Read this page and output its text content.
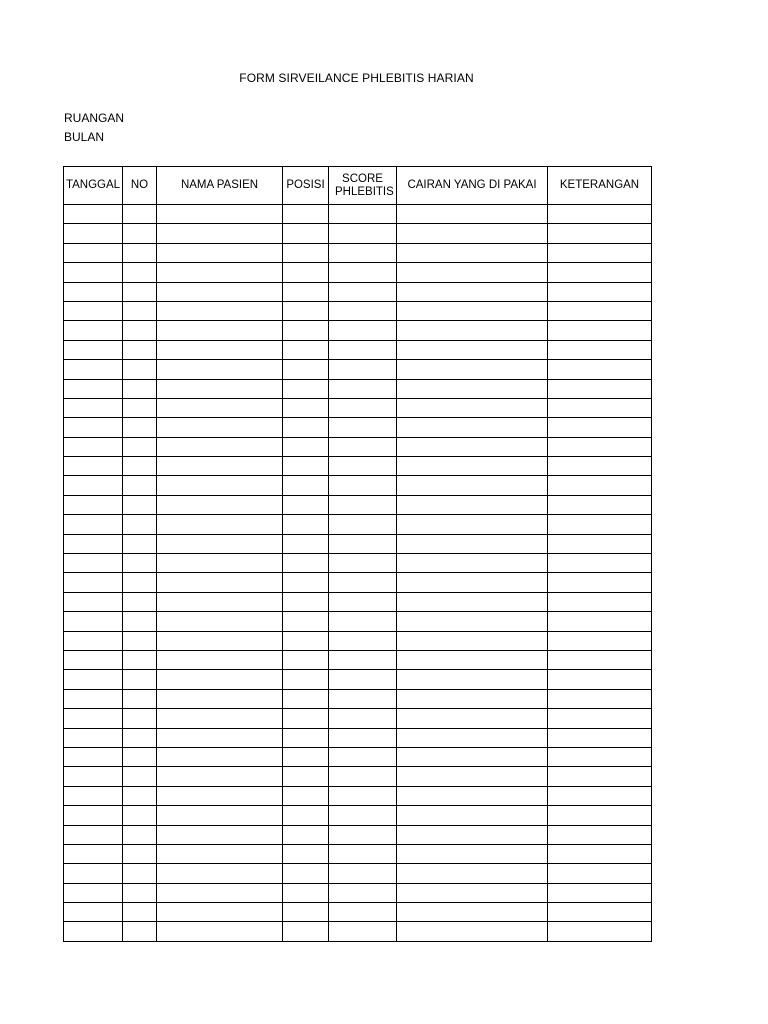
FORM SIRVEILANCE PHLEBITIS HARIAN
RUANGAN
BULAN
TANGGAL	NO	NAMA PASIEN	POSISI	SCORE PHLEBITIS	CAIRAN YANG DI PAKAI	KETERANGAN
